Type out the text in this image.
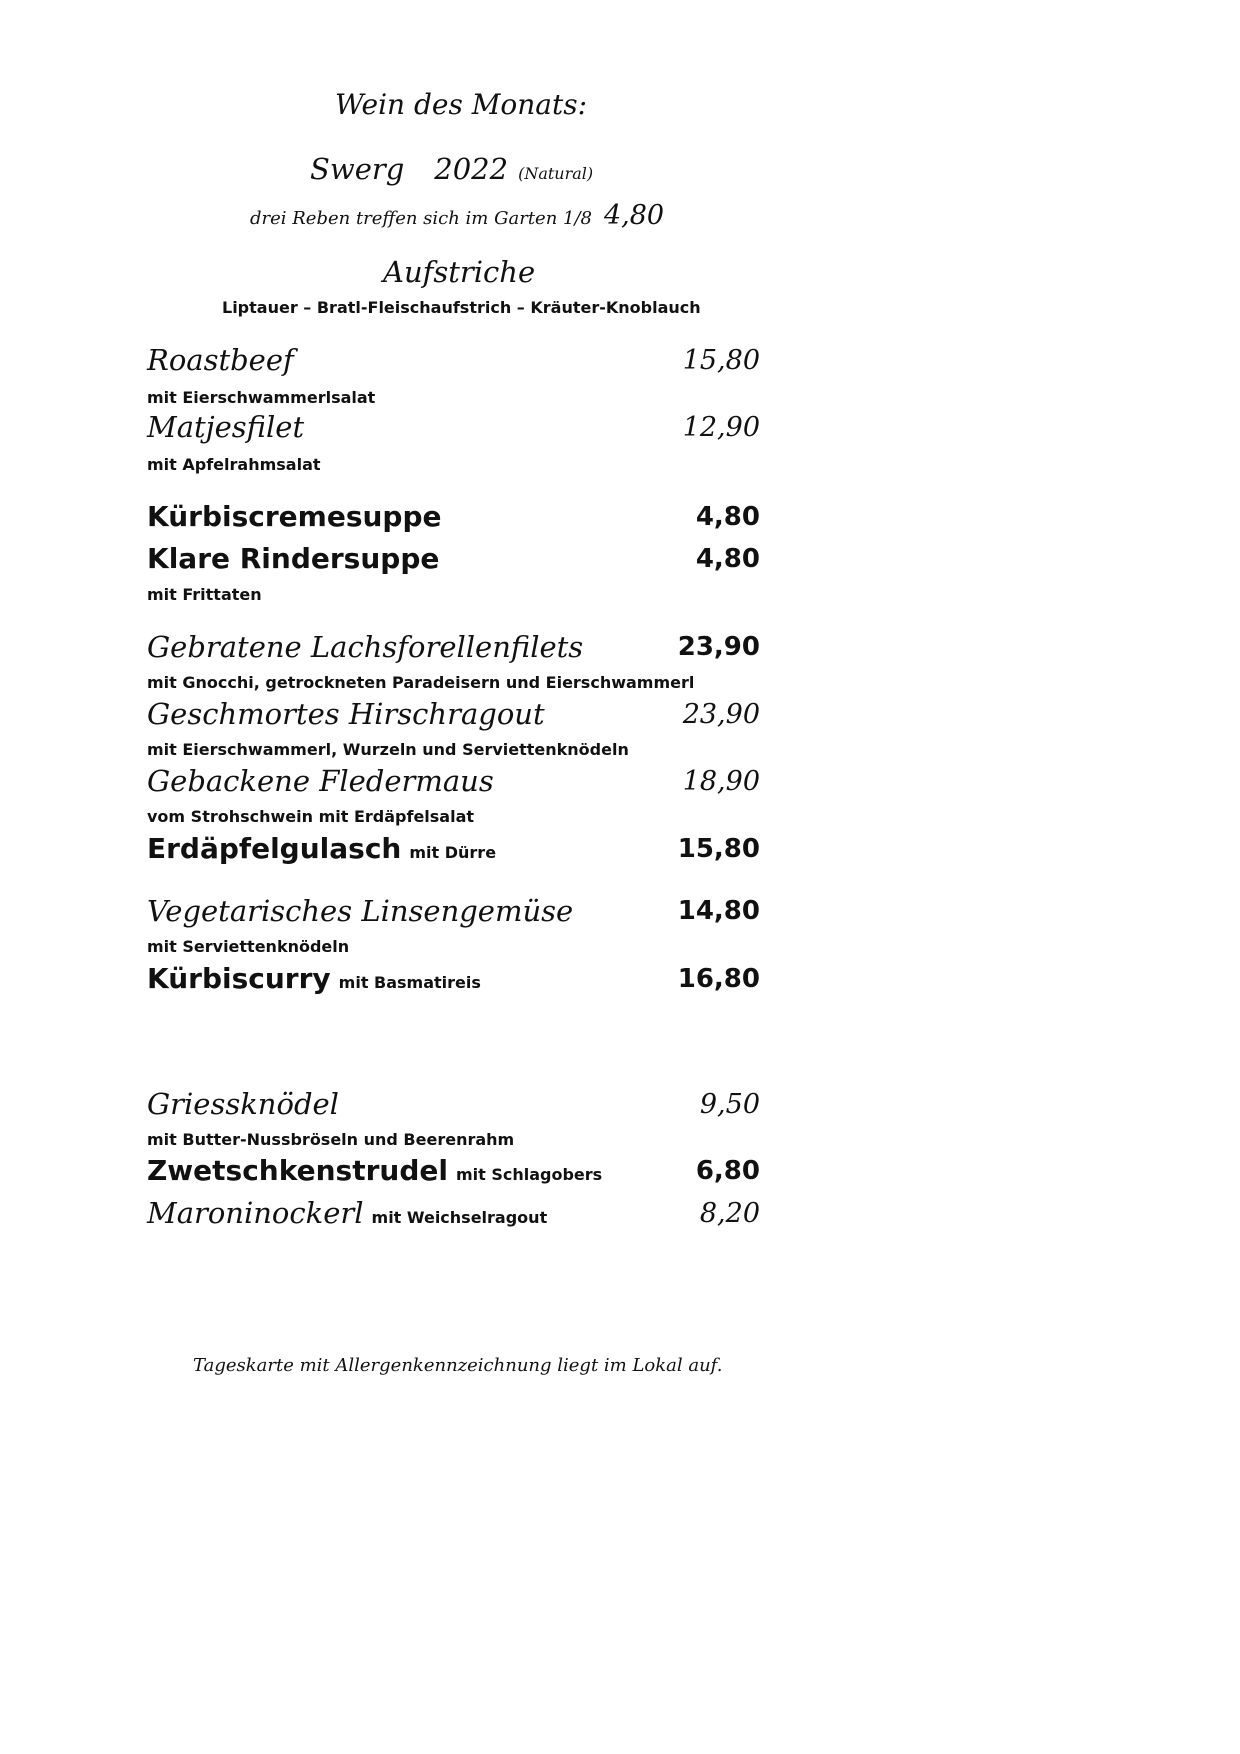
Wein des Monats:
Swerg 2022 (Natural)
drei Reben treffen sich im Garten 1/8 4,80
Aufstriche
Liptauer – Bratl-Fleischaufstrich – Kräuter-Knoblauch
Roastbeef	15,80
mit Eierschwammerlsalat
Matjesfilet	12,90
mit Apfelrahmsalat
Kürbiscremesuppe	4,80
Klare Rindersuppe	4,80
mit Frittaten
Gebratene Lachsforellenfilets	23,90
mit Gnocchi, getrockneten Paradeisern und Eierschwammerl
Geschmortes Hirschragout	23,90
mit Eierschwammerl, Wurzeln und Serviettenknödeln
Gebackene Fledermaus	18,90
vom Strohschwein mit Erdäpfelsalat
Erdäpfelgulasch mit Dürre	15,80
Vegetarisches Linsengemüse	14,80
mit Serviettenknödeln
Kürbiscurry mit Basmatireis	16,80
Griessknödel	9,50
mit Butter-Nussbröseln und Beerenrahm
Zwetschkenstrudel mit Schlagobers	6,80
Maroninockerl mit Weichselragout	8,20
Tageskarte mit Allergenkennzeichnung liegt im Lokal auf.
